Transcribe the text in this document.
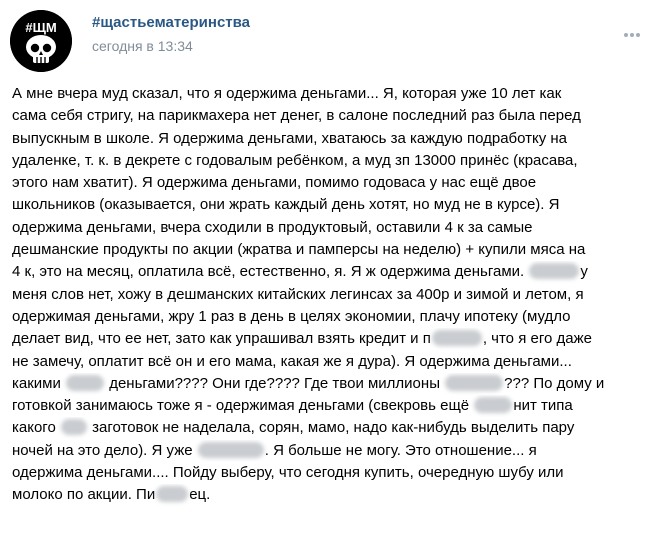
#ЩМ #щастьематеринства
сегодня в 13:34
А мне вчера муд сказал, что я одержима деньгами... Я, которая уже 10 лет как
сама себя стригу, на парикмахера нет денег, в салоне последний раз была перед
выпускным в школе. Я одержима деньгами, хватаюсь за каждую подработку на
удаленке, т. к. в декрете с годовалым ребёнком, а муд зп 13000 принёс (красава,
этого нам хватит). Я одержима деньгами, помимо годоваса у нас ещё двое
школьников (оказывается, они жрать каждый день хотят, но муд не в курсе). Я
одержима деньгами, вчера сходили в продуктовый, оставили 4 к за самые
дешманские продукты по акции (жратва и памперсы на неделю) + купили мяса на
4 к, это на месяц, оплатила всё, естественно, я. Я ж одержима деньгами.	у
меня слов нет, хожу в дешманских китайских легинсах за 400р и зимой и летом, я
одержимая деньгами, жру 1 раз в день в целях экономии, плачу ипотеку (мудло
делает вид, что ее нет, зато как упрашивал взять кредит и п	, что я его даже
не замечу, оплатит всё он и его мама, какая же я дура). Я одержима деньгами...
какими	деньгами???? Они где???? Где твои миллионы	??? По дому и
готовкой занимаюсь тоже я - одержимая деньгами (свекровь ещё	нит типа
какого  заготовок не наделала, сорян, мамо, надо как-нибудь выделить пару
ночей на это дело). Я уже	. Я больше не могу. Это отношение... я
одержима деньгами.... Пойду выберу, что сегодня купить, очередную шубу или
молоко по акции. Пи ец.
